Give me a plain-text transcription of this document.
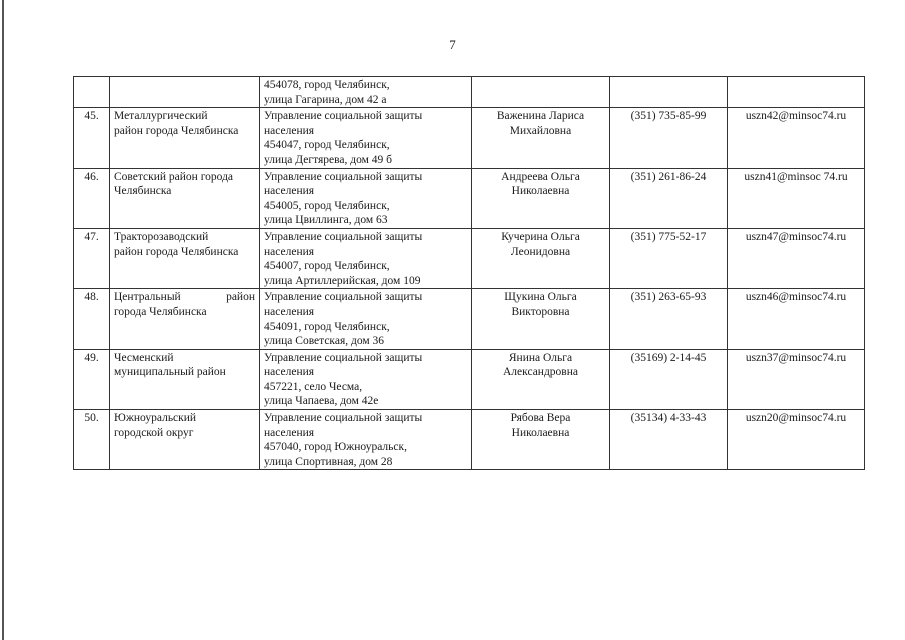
7

		454078, город Челябинск,
улица Гагарина, дом 42 а			

45.	Металлургический
район города Челябинска	Управление социальной защиты
населения
454047, город Челябинск,
улица Дегтярева, дом 49 б	Важенина Лариса
Михайловна	(351) 735-85-99	uszn42@minsoc74.ru
46.	Советский район города
Челябинска	Управление социальной защиты
населения
454005, город Челябинск,
улица Цвиллинга, дом 63	Андреева Ольга
Николаевна	(351) 261-86-24	uszn41@minsoc 74.ru
47.	Тракторозаводский
район города Челябинска	Управление социальной защиты
населения
454007, город Челябинск,
улица Артиллерийская, дом 109	Кучерина Ольга
Леонидовна	(351) 775-52-17	uszn47@minsoc74.ru
48.	Центральный район
города Челябинска	Управление социальной защиты
населения
454091, город Челябинск,
улица Советская, дом 36	Щукина Ольга
Викторовна	(351) 263-65-93	uszn46@minsoc74.ru
49.	Чесменский
муниципальный район	Управление социальной защиты
населения
457221, село Чесма,
улица Чапаева, дом 42е	Янина Ольга
Александровна	(35169) 2-14-45	uszn37@minsoc74.ru
50.	Южноуральский
городской округ	Управление социальной защиты
населения
457040, город Южноуральск,
улица Спортивная, дом 28	Рябова Вера
Николаевна	(35134) 4-33-43	uszn20@minsoc74.ru
